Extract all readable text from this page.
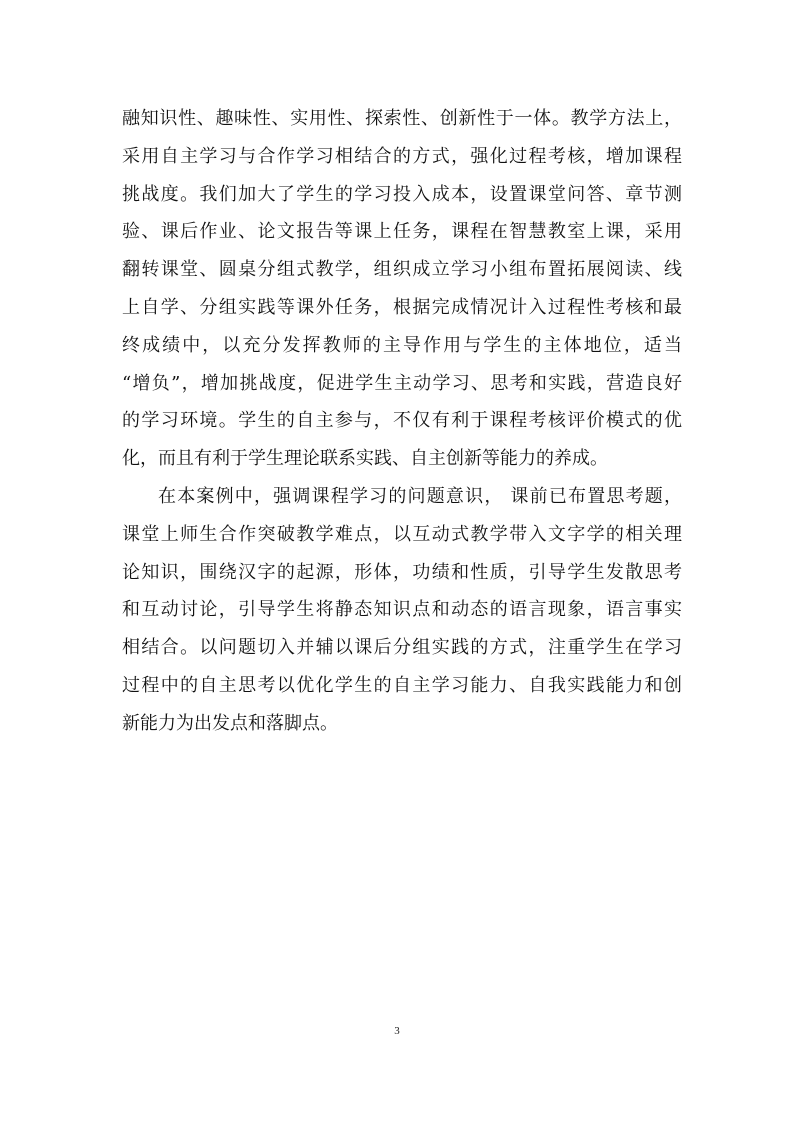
融知识性、趣味性、实用性、探索性、创新性于一体。教学方法上，
采用自主学习与合作学习相结合的方式，强化过程考核，增加课程
挑战度。我们加大了学生的学习投入成本，设置课堂问答、章节测
验、课后作业、论文报告等课上任务，课程在智慧教室上课，采用
翻转课堂、圆桌分组式教学，组织成立学习小组布置拓展阅读、线
上自学、分组实践等课外任务，根据完成情况计入过程性考核和最
终成绩中，以充分发挥教师的主导作用与学生的主体地位，适当
“增负”，增加挑战度，促进学生主动学习、思考和实践，营造良好
的学习环境。学生的自主参与，不仅有利于课程考核评价模式的优
化，而且有利于学生理论联系实践、自主创新等能力的养成。
在本案例中，强调课程学习的问题意识， 课前已布置思考题，
课堂上师生合作突破教学难点，以互动式教学带入文字学的相关理
论知识，围绕汉字的起源，形体，功绩和性质，引导学生发散思考
和互动讨论，引导学生将静态知识点和动态的语言现象，语言事实
相结合。以问题切入并辅以课后分组实践的方式，注重学生在学习
过程中的自主思考以优化学生的自主学习能力、自我实践能力和创
新能力为出发点和落脚点。
3
